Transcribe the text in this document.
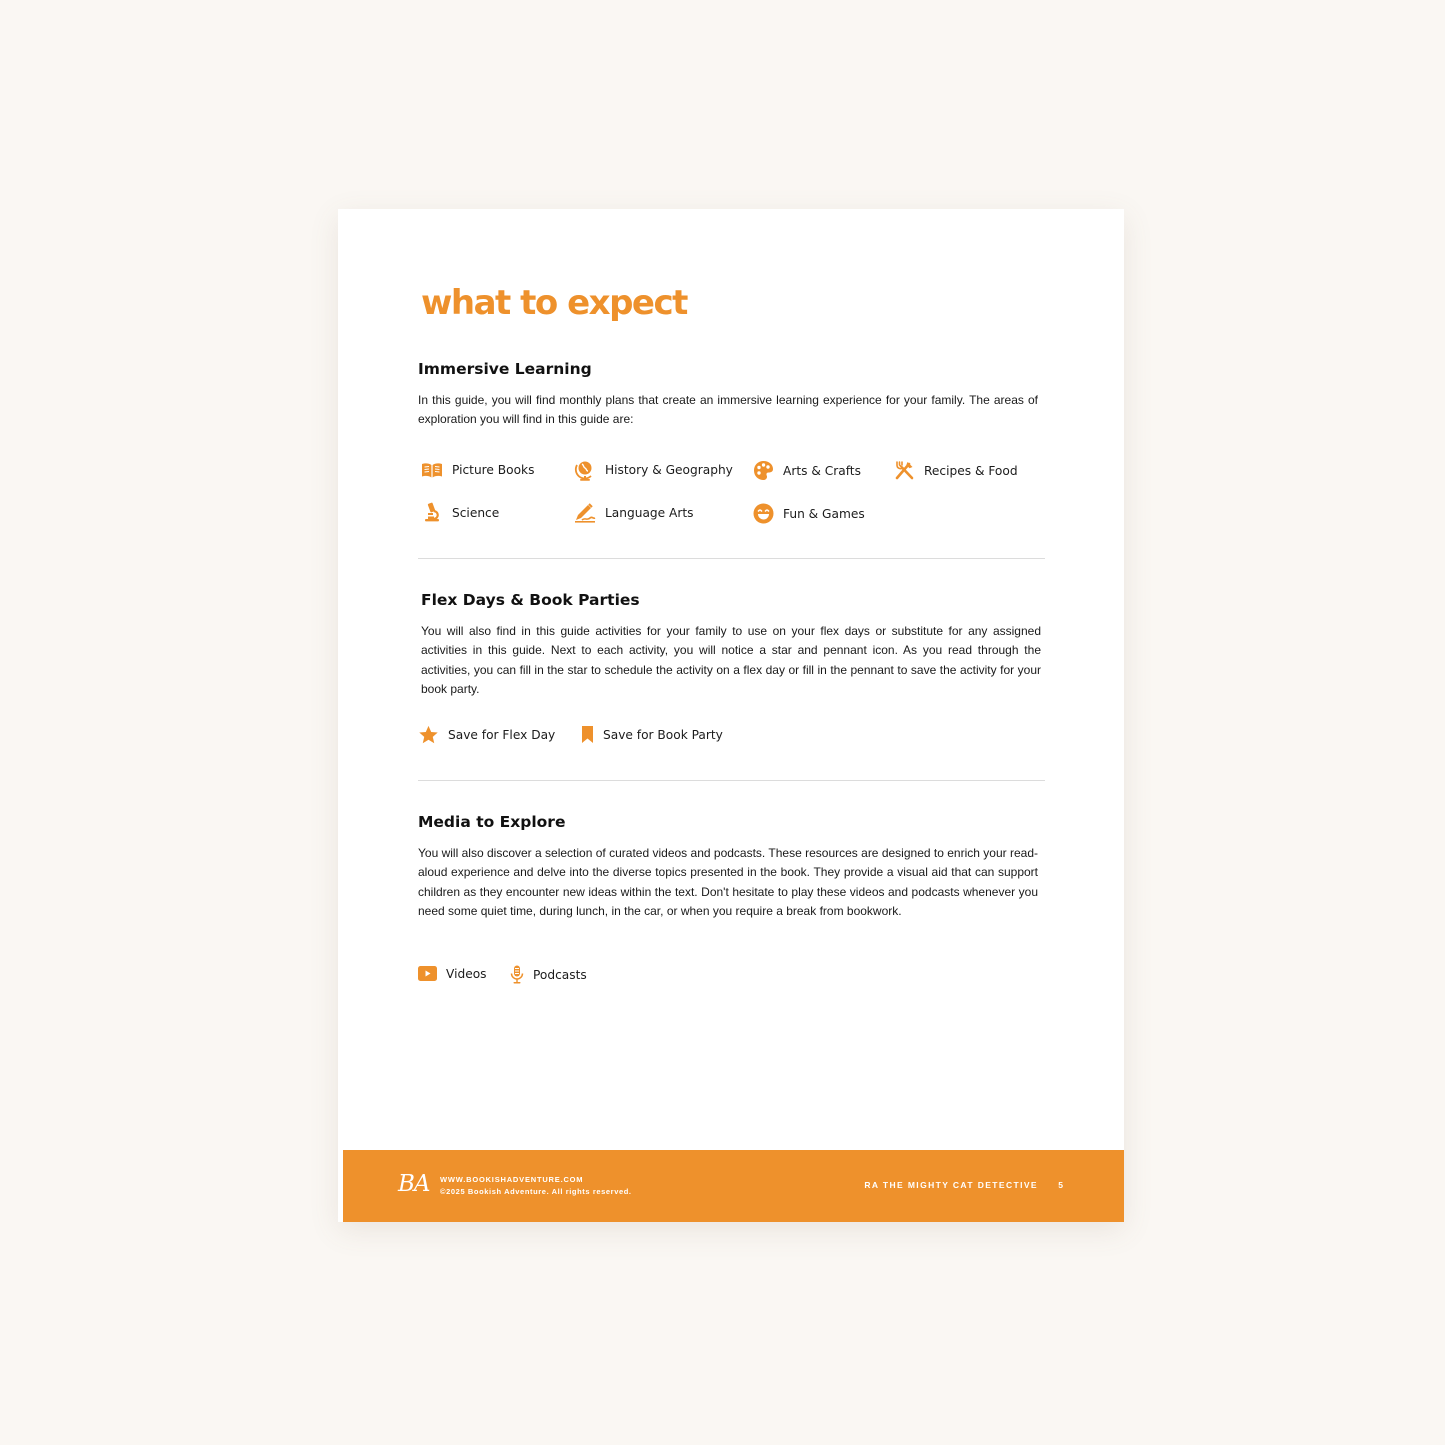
what to expect
Immersive Learning

In this guide, you will find monthly plans that create an immersive learning experience for your family. The areas of exploration you will find in this guide are:

Picture Books	History & Geography	Arts & Crafts	Recipes & Food
Science	Language Arts	Fun & Games
Flex Days & Book Parties

You will also find in this guide activities for your family to use on your flex days or substitute for any assigned activities in this guide. Next to each activity, you will notice a star and pennant icon. As you read through the activities, you can fill in the star to schedule the activity on a flex day or fill in the pennant to save the activity for your book party.

Save for Flex Day	Save for Book Party
Media to Explore

You will also discover a selection of curated videos and podcasts. These resources are designed to enrich your read-aloud experience and delve into the diverse topics presented in the book. They provide a visual aid that can support children as they encounter new ideas within the text. Don't hesitate to play these videos and podcasts whenever you need some quiet time, during lunch, in the car, or when you require a break from bookwork.

Videos	Podcasts
BA WWW.BOOKISHADVENTURE.COM
©2025 Bookish Adventure. All rights reserved.
RA THE MIGHTY CAT DETECTIVE 5
